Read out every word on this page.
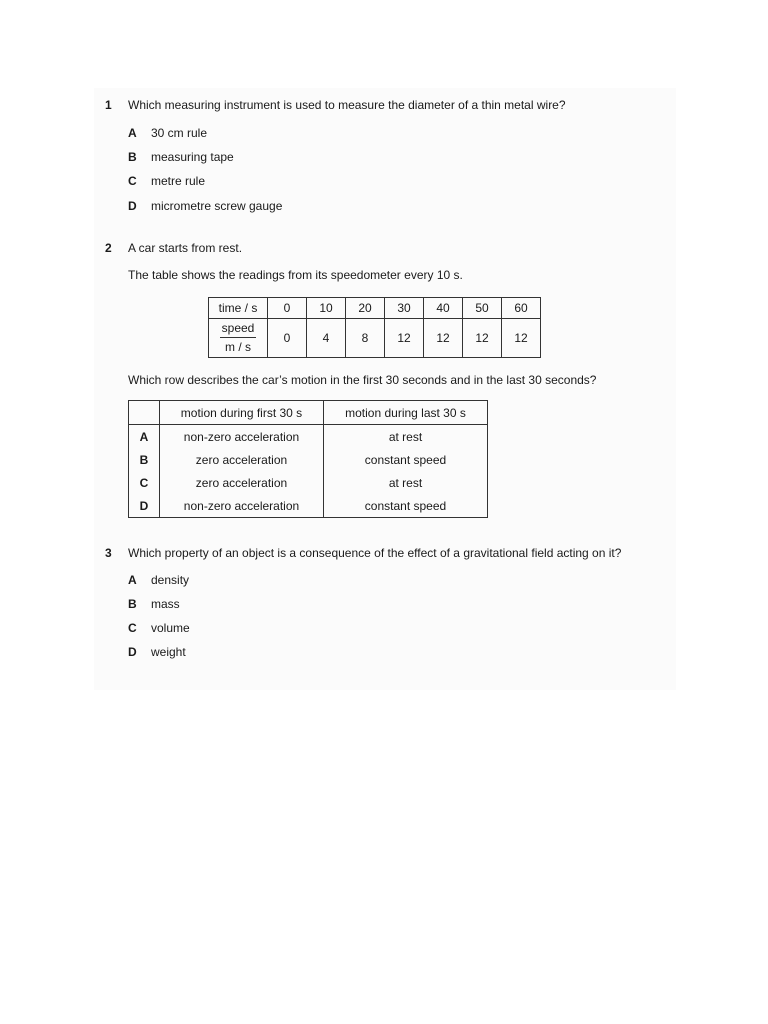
1 Which measuring instrument is used to measure the diameter of a thin metal wire?
A 30 cm rule
B measuring tape
C metre rule
D micrometre screw gauge
2 A car starts from rest.
The table shows the readings from its speedometer every 10 s.
time / s	0	10	20	30	40	50	60

$\frac{\text{speed}}{m / s}$	0	4	8	12	12	12	12
Which row describes the car’s motion in the first 30 seconds and in the last 30 seconds?
	motion during first 30 s	motion during last 30 s
A	non-zero acceleration	at rest
B	zero acceleration	constant speed
C	zero acceleration	at rest
D	non-zero acceleration	constant speed
3 Which property of an object is a consequence of the effect of a gravitational field acting on it?
A density
B mass
C volume
D weight
